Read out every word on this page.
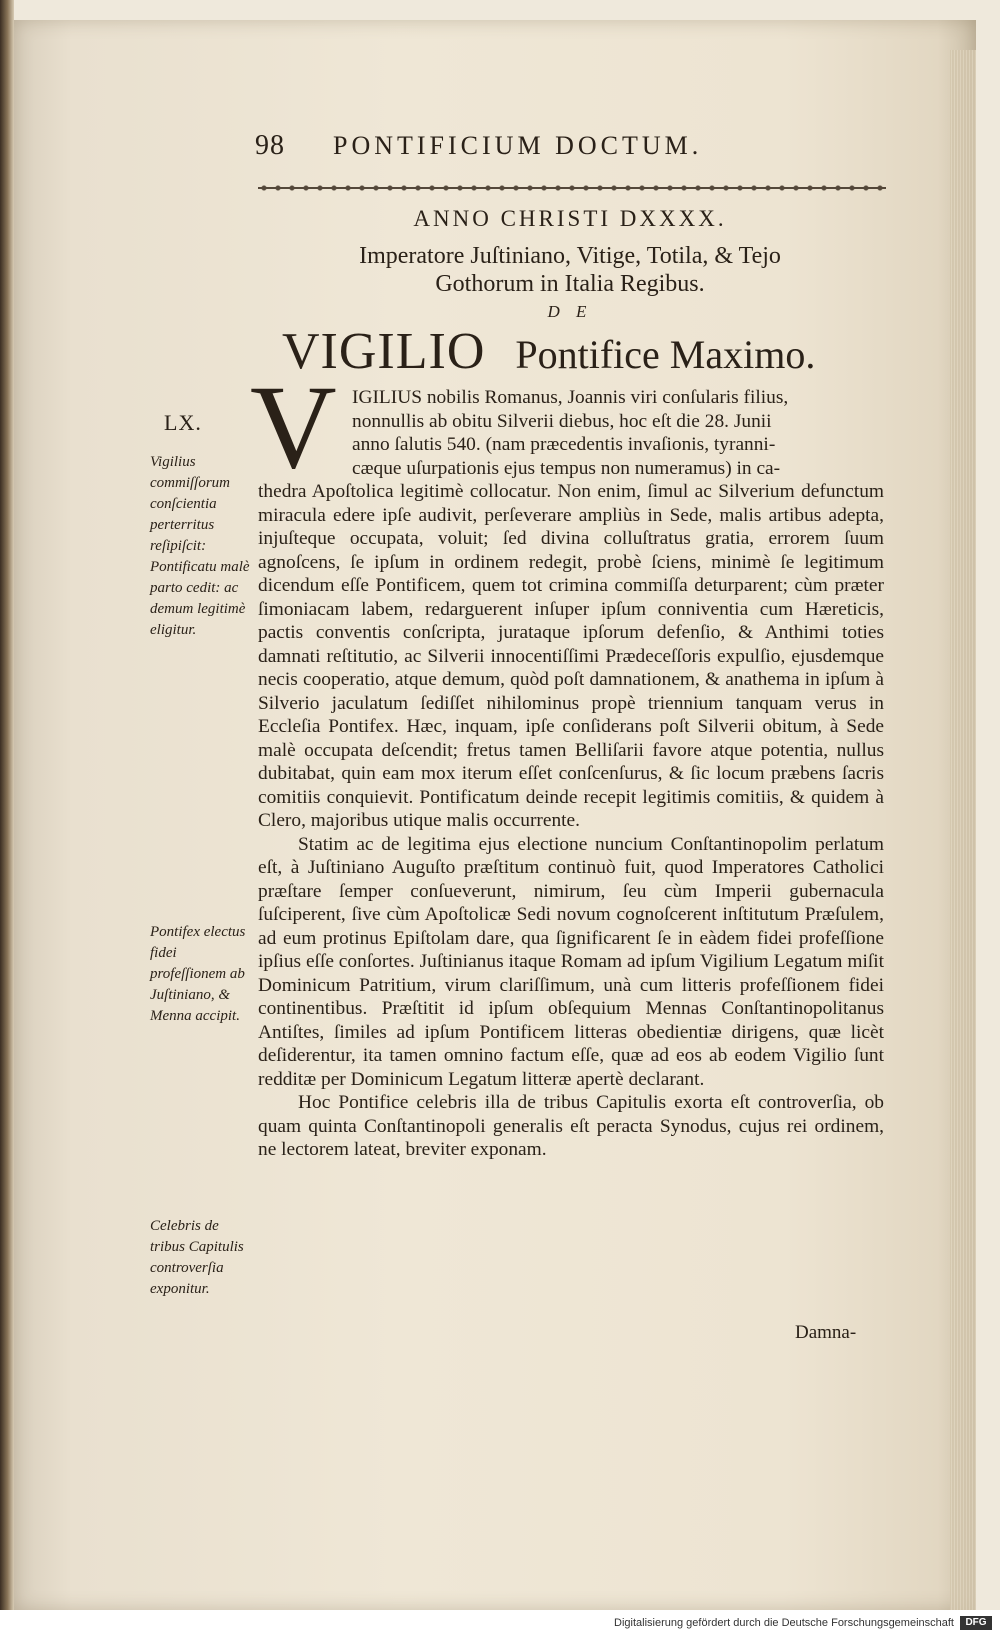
98 PONTIFICIUM DOCTUM.
ANNO CHRISTI DXXXX.
Imperatore Juſtiniano, Vitige, Totila, & Tejo
Gothorum in Italia Regibus.
D E
VIGILIO Pontifice Maximo.
LX. V IGILIUS nobilis Romanus, Joannis viri conſularis filius,
nonnullis ab obitu Silverii diebus, hoc eſt die 28. Junii
anno ſalutis 540. (nam præcedentis invaſionis, tyranni-
cæque uſurpationis ejus tempus non numeramus) in ca-
thedra Apoſtolica legitimè collocatur. Non enim, ſimul ac Silverium defunctum miracula edere ipſe audivit, perſeverare ampliùs in Sede, malis artibus adepta, injuſteque occupata, voluit; ſed divina colluſtratus gratia, errorem ſuum agnoſcens, ſe ipſum in ordinem redegit, probè ſciens, minimè ſe legitimum dicendum eſſe Pontificem, quem tot crimina commiſſa deturparent; cùm præter ſimoniacam labem, redarguerent inſuper ipſum conniventia cum Hæreticis, pactis conventis conſcripta, jurataque ipſorum defenſio, & Anthimi toties damnati reſtitutio, ac Silverii innocentiſſimi Prædeceſſoris expulſio, ejusdemque necis cooperatio, atque demum, quòd poſt damnationem, & anathema in ipſum à Silverio jaculatum ſediſſet nihilominus propè triennium tanquam verus in Eccleſia Pontifex. Hæc, inquam, ipſe conſiderans poſt Silverii obitum, à Sede malè occupata deſcendit; fretus tamen Belliſarii favore atque potentia, nullus dubitabat, quin eam mox iterum eſſet conſcenſurus, & ſic locum præbens ſacris comitiis conquievit. Pontificatum deinde recepit legitimis comitiis, & quidem à Clero, majoribus utique malis occurrente.

Statim ac de legitima ejus electione nuncium Conſtantinopolim perlatum eſt, à Juſtiniano Auguſto præſtitum continuò fuit, quod Imperatores Catholici præſtare ſemper conſueverunt, nimirum, ſeu cùm Imperii gubernacula ſuſciperent, ſive cùm Apoſtolicæ Sedi novum cognoſcerent inſtitutum Præſulem, ad eum protinus Epiſtolam dare, qua ſignificarent ſe in eàdem fidei profeſſione ipſius eſſe conſortes. Juſtinianus itaque Romam ad ipſum Vigilium Legatum miſit Dominicum Patritium, virum clariſſimum, unà cum litteris profeſſionem fidei continentibus. Præſtitit id ipſum obſequium Mennas Conſtantinopolitanus Antiſtes, ſimiles ad ipſum Pontificem litteras obedientiæ dirigens, quæ licèt deſiderentur, ita tamen omnino factum eſſe, quæ ad eos ab eodem Vigilio ſunt redditæ per Dominicum Legatum litteræ apertè declarant.

Hoc Pontifice celebris illa de tribus Capitulis exorta eſt controverſia, ob quam quinta Conſtantinopoli generalis eſt peracta Synodus, cujus rei ordinem, ne lectorem lateat, breviter exponam.

Vigilius commiſſorum conſcientia perterritus reſipiſcit: Pontificatu malè parto cedit: ac demum legitimè eligitur.
Pontifex electus fidei profeſſionem ab Juſtiniano, & Menna accipit.
Celebris de tribus Capitulis controverſia exponitur.
Damna-
Digitalisierung gefördert durch die Deutsche Forschungsgemeinschaft	DFG
